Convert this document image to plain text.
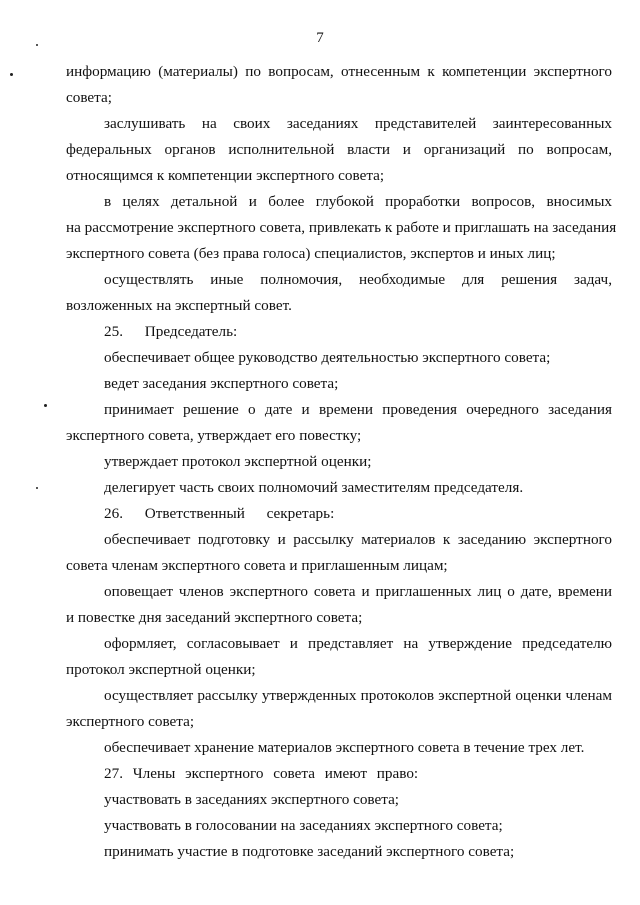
7
информацию (материалы) по вопросам, отнесенным к компетенции экспертного
совета;
заслушивать на своих заседаниях представителей заинтересованных
федеральных органов исполнительной власти и организаций по вопросам,
относящимся к компетенции экспертного совета;
в целях детальной и более глубокой проработки вопросов, вносимых
на рассмотрение экспертного совета, привлекать к работе и приглашать на заседания
экспертного совета (без права голоса) специалистов, экспертов и иных лиц;
осуществлять иные полномочия, необходимые для решения задач,
возложенных на экспертный совет.
25. Председатель:
обеспечивает общее руководство деятельностью экспертного совета;
ведет заседания экспертного совета;
принимает решение о дате и времени проведения очередного заседания
экспертного совета, утверждает его повестку;
утверждает протокол экспертной оценки;
делегирует часть своих полномочий заместителям председателя.
26. Ответственный секретарь:
обеспечивает подготовку и рассылку материалов к заседанию экспертного
совета членам экспертного совета и приглашенным лицам;
оповещает членов экспертного совета и приглашенных лиц о дате, времени
и повестке дня заседаний экспертного совета;
оформляет, согласовывает и представляет на утверждение председателю
протокол экспертной оценки;
осуществляет рассылку утвержденных протоколов экспертной оценки членам
экспертного совета;
обеспечивает хранение материалов экспертного совета в течение трех лет.
27. Члены экспертного совета имеют право:
участвовать в заседаниях экспертного совета;
участвовать в голосовании на заседаниях экспертного совета;
принимать участие в подготовке заседаний экспертного совета;
